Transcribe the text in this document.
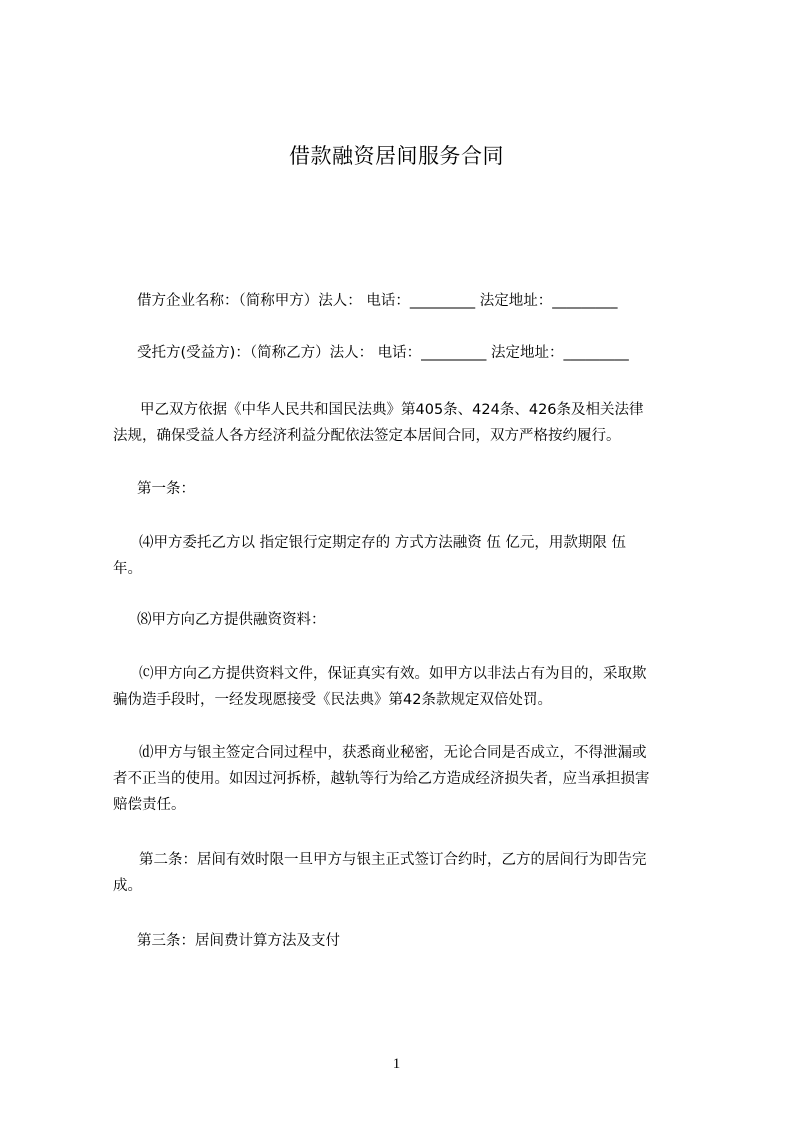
借款融资居间服务合同
借方企业名称：（简称甲方）法人： 电话：_________ 法定地址：_________
受托方(受益方)：（简称乙方）法人： 电话：_________ 法定地址：_________
甲乙双方依据《中华人民共和国民法典》第405条、424条、426条及相关法律
法规，确保受益人各方经济利益分配依法签定本居间合同，双方严格按约履行。
第一条：
⑷甲方委托乙方以 指定银行定期定存的 方式方法融资 伍 亿元，用款期限 伍
年。
⑻甲方向乙方提供融资资料：
⒞甲方向乙方提供资料文件，保证真实有效。如甲方以非法占有为目的，采取欺
骗伪造手段时，一经发现愿接受《民法典》第42条款规定双倍处罚。
⒟甲方与银主签定合同过程中，获悉商业秘密，无论合同是否成立，不得泄漏或
者不正当的使用。如因过河拆桥，越轨等行为给乙方造成经济损失者，应当承担损害
赔偿责任。
第二条：居间有效时限一旦甲方与银主正式签订合约时，乙方的居间行为即告完
成。
第三条：居间费计算方法及支付
1
